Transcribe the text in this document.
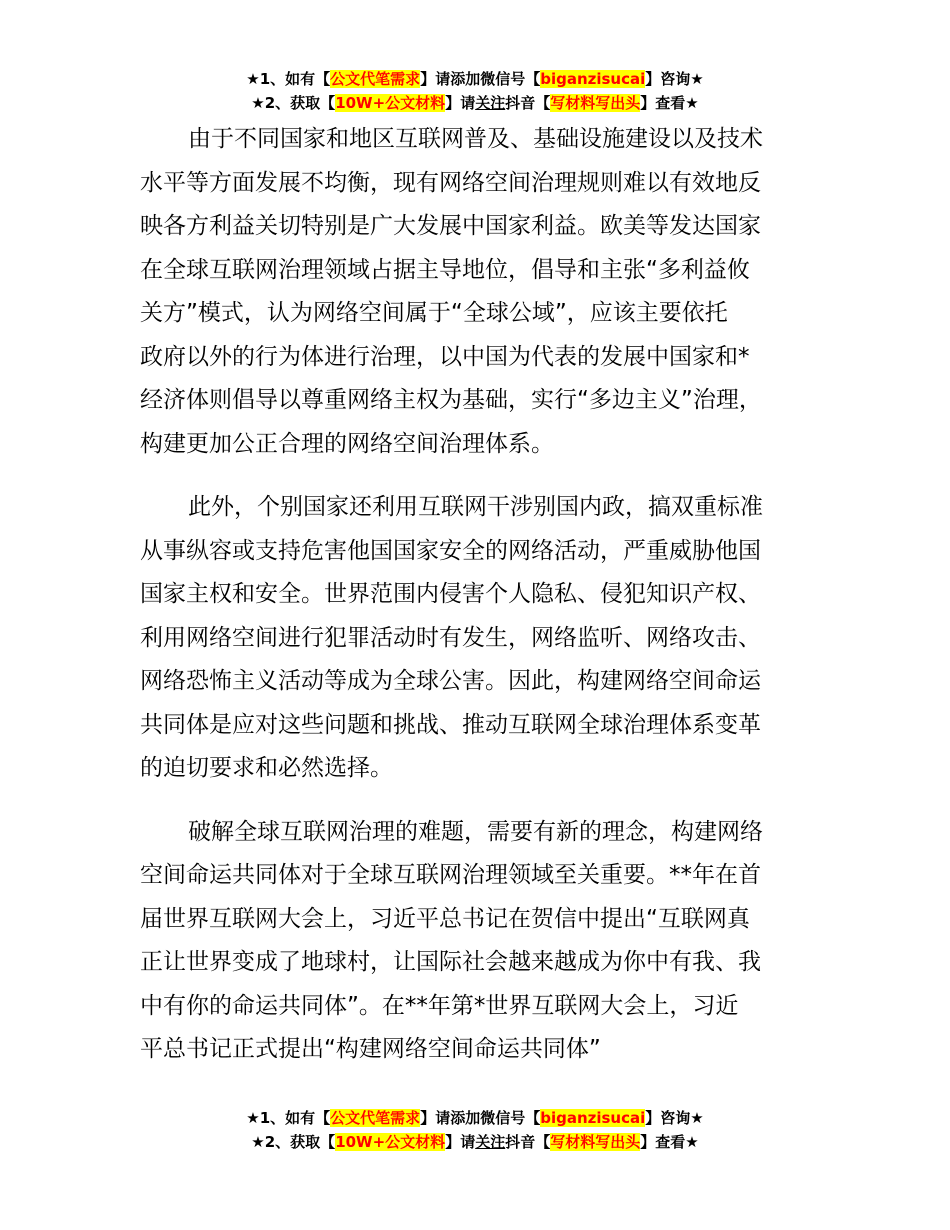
★1、如有【公文代笔需求】请添加微信号【biganzisucai】咨询★
★2、获取【10W+公文材料】请关注抖音【写材料写出头】查看★

由于不同国家和地区互联网普及、基础设施建设以及技术
水平等方面发展不均衡，现有网络空间治理规则难以有效地反
映各方利益关切特别是广大发展中国家利益。欧美等发达国家
在全球互联网治理领域占据主导地位，倡导和主张“多利益攸
关方”模式，认为网络空间属于“全球公域”，应该主要依托
政府以外的行为体进行治理，以中国为代表的发展中国家和*
经济体则倡导以尊重网络主权为基础，实行“多边主义”治理，
构建更加公正合理的网络空间治理体系。

此外，个别国家还利用互联网干涉别国内政，搞双重标准
从事纵容或支持危害他国国家安全的网络活动，严重威胁他国
国家主权和安全。世界范围内侵害个人隐私、侵犯知识产权、
利用网络空间进行犯罪活动时有发生，网络监听、网络攻击、
网络恐怖主义活动等成为全球公害。因此，构建网络空间命运
共同体是应对这些问题和挑战、推动互联网全球治理体系变革
的迫切要求和必然选择。

破解全球互联网治理的难题，需要有新的理念，构建网络
空间命运共同体对于全球互联网治理领域至关重要。**年在首
届世界互联网大会上，习近平总书记在贺信中提出“互联网真
正让世界变成了地球村，让国际社会越来越成为你中有我、我
中有你的命运共同体”。在**年第*世界互联网大会上，习近
平总书记正式提出“构建网络空间命运共同体”

★1、如有【公文代笔需求】请添加微信号【biganzisucai】咨询★
★2、获取【10W+公文材料】请关注抖音【写材料写出头】查看★
